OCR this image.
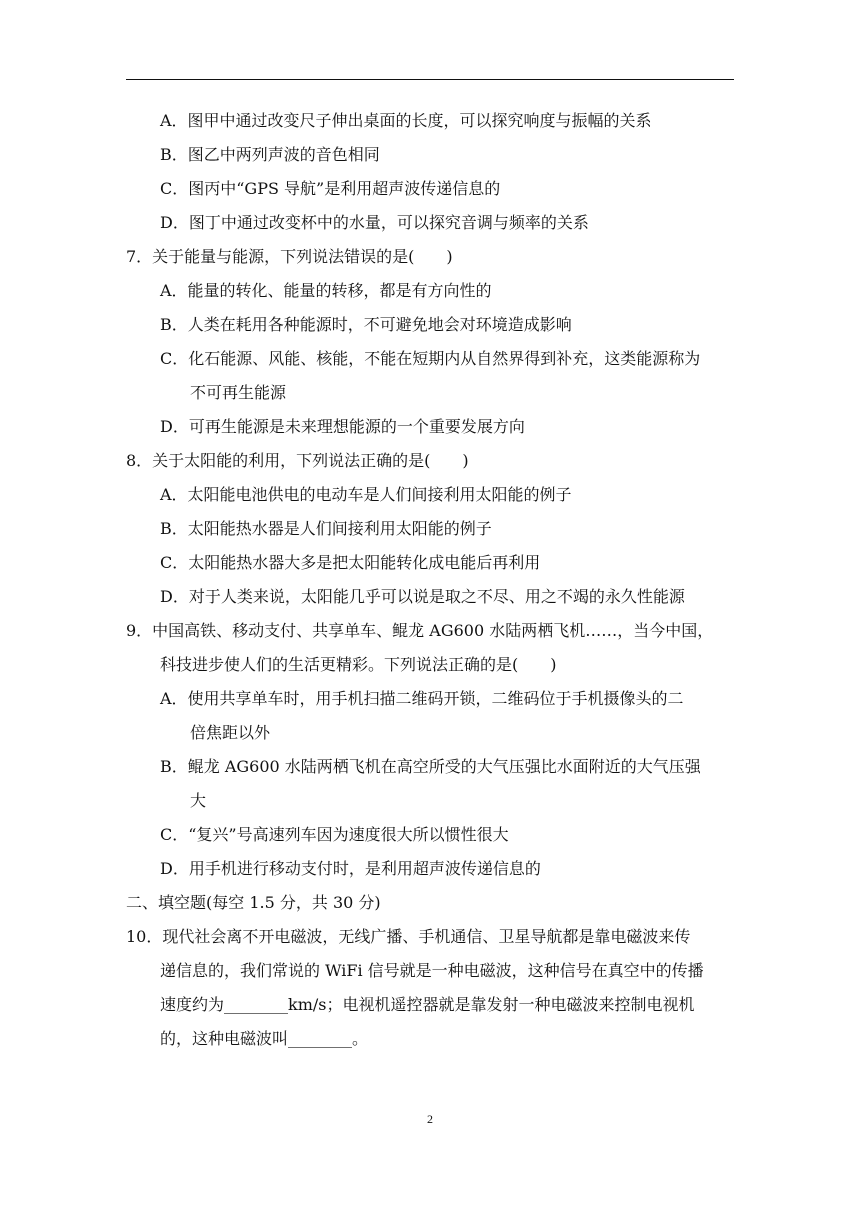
A．图甲中通过改变尺子伸出桌面的长度，可以探究响度与振幅的关系
B．图乙中两列声波的音色相同
C．图丙中“GPS 导航”是利用超声波传递信息的
D．图丁中通过改变杯中的水量，可以探究音调与频率的关系
7．关于能量与能源，下列说法错误的是(　　)
A．能量的转化、能量的转移，都是有方向性的
B．人类在耗用各种能源时，不可避免地会对环境造成影响
C．化石能源、风能、核能，不能在短期内从自然界得到补充，这类能源称为
不可再生能源
D．可再生能源是未来理想能源的一个重要发展方向
8．关于太阳能的利用，下列说法正确的是(　　)
A．太阳能电池供电的电动车是人们间接利用太阳能的例子
B．太阳能热水器是人们间接利用太阳能的例子
C．太阳能热水器大多是把太阳能转化成电能后再利用
D．对于人类来说，太阳能几乎可以说是取之不尽、用之不竭的永久性能源
9．中国高铁、移动支付、共享单车、鲲龙 AG600 水陆两栖飞机……，当今中国，
科技进步使人们的生活更精彩。下列说法正确的是(　　)
A．使用共享单车时，用手机扫描二维码开锁，二维码位于手机摄像头的二
倍焦距以外
B．鲲龙 AG600 水陆两栖飞机在高空所受的大气压强比水面附近的大气压强
大
C．“复兴”号高速列车因为速度很大所以惯性很大
D．用手机进行移动支付时，是利用超声波传递信息的
二、填空题(每空 1.5 分，共 30 分)
10．现代社会离不开电磁波，无线广播、手机通信、卫星导航都是靠电磁波来传
递信息的，我们常说的 WiFi 信号就是一种电磁波，这种信号在真空中的传播
速度约为________km/s；电视机遥控器就是靠发射一种电磁波来控制电视机
的，这种电磁波叫________。
2
